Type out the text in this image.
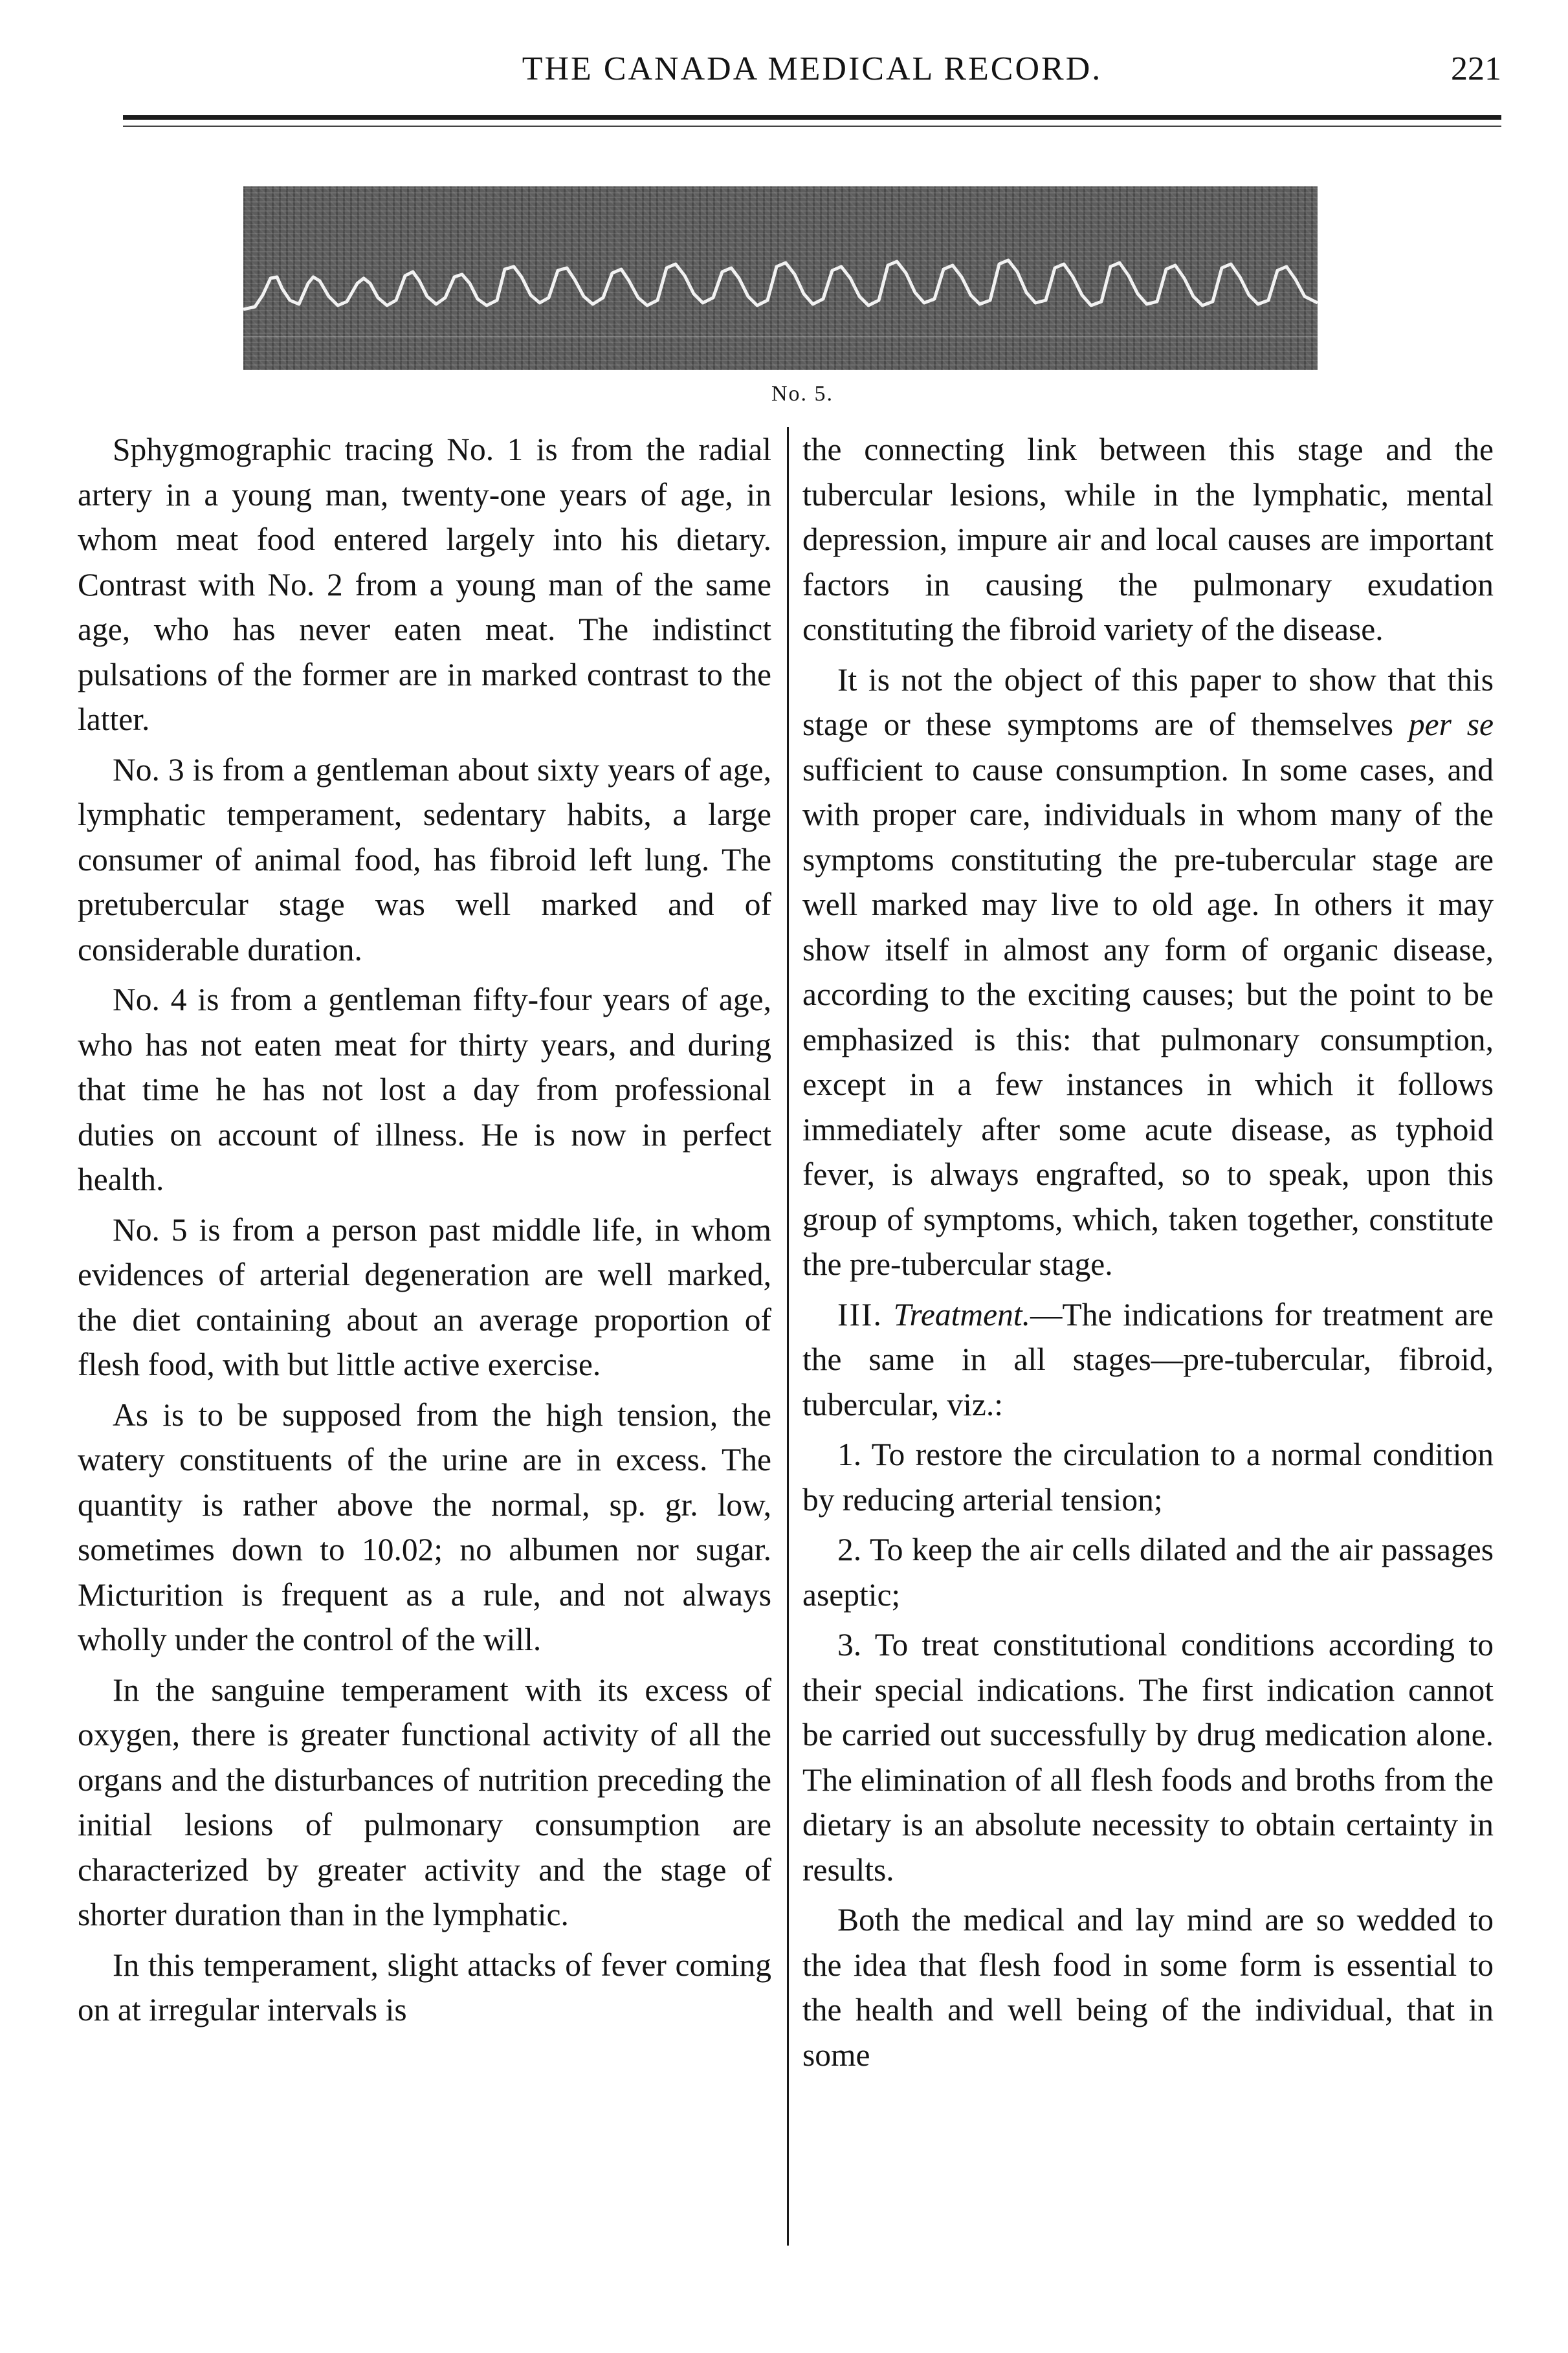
THE CANADA MEDICAL RECORD.	221
No. 5.

Sphygmographic tracing No. 1 is from the radial artery in a young man, twenty-one years of age, in whom meat food entered largely into his dietary. Contrast with No. 2 from a young man of the same age, who has never eaten meat. The indistinct pulsations of the former are in marked contrast to the latter.

No. 3 is from a gentleman about sixty years of age, lymphatic temperament, sedentary habits, a large consumer of animal food, has fibroid left lung. The pretubercular stage was well marked and of considerable duration.

No. 4 is from a gentleman fifty-four years of age, who has not eaten meat for thirty years, and during that time he has not lost a day from professional duties on account of illness. He is now in perfect health.

No. 5 is from a person past middle life, in whom evidences of arterial degeneration are well marked, the diet containing about an average proportion of flesh food, with but little active exercise.

As is to be supposed from the high tension, the watery constituents of the urine are in excess. The quantity is rather above the normal, sp. gr. low, sometimes down to 10.02; no albumen nor sugar. Micturition is frequent as a rule, and not always wholly under the control of the will.

In the sanguine temperament with its excess of oxygen, there is greater functional activity of all the organs and the disturbances of nutrition preceding the initial lesions of pulmonary consumption are characterized by greater activity and the stage of shorter duration than in the lymphatic.

In this temperament, slight attacks of fever coming on at irregular intervals is

the connecting link between this stage and the tubercular lesions, while in the lymphatic, mental depression, impure air and local causes are important factors in causing the pulmonary exudation constituting the fibroid variety of the disease.

It is not the object of this paper to show that this stage or these symptoms are of themselves per se sufficient to cause consumption. In some cases, and with proper care, individuals in whom many of the symptoms constituting the pre-tubercular stage are well marked may live to old age. In others it may show itself in almost any form of organic disease, according to the exciting causes; but the point to be emphasized is this: that pulmonary consumption, except in a few instances in which it follows immediately after some acute disease, as typhoid fever, is always engrafted, so to speak, upon this group of symptoms, which, taken together, constitute the pre-tubercular stage.

III. Treatment.—The indications for treatment are the same in all stages—pre-tubercular, fibroid, tubercular, viz.:

1. To restore the circulation to a normal condition by reducing arterial tension;

2. To keep the air cells dilated and the air passages aseptic;

3. To treat constitutional conditions according to their special indications. The first indication cannot be carried out successfully by drug medication alone. The elimination of all flesh foods and broths from the dietary is an absolute necessity to obtain certainty in results.

Both the medical and lay mind are so wedded to the idea that flesh food in some form is essential to the health and well being of the individual, that in some
